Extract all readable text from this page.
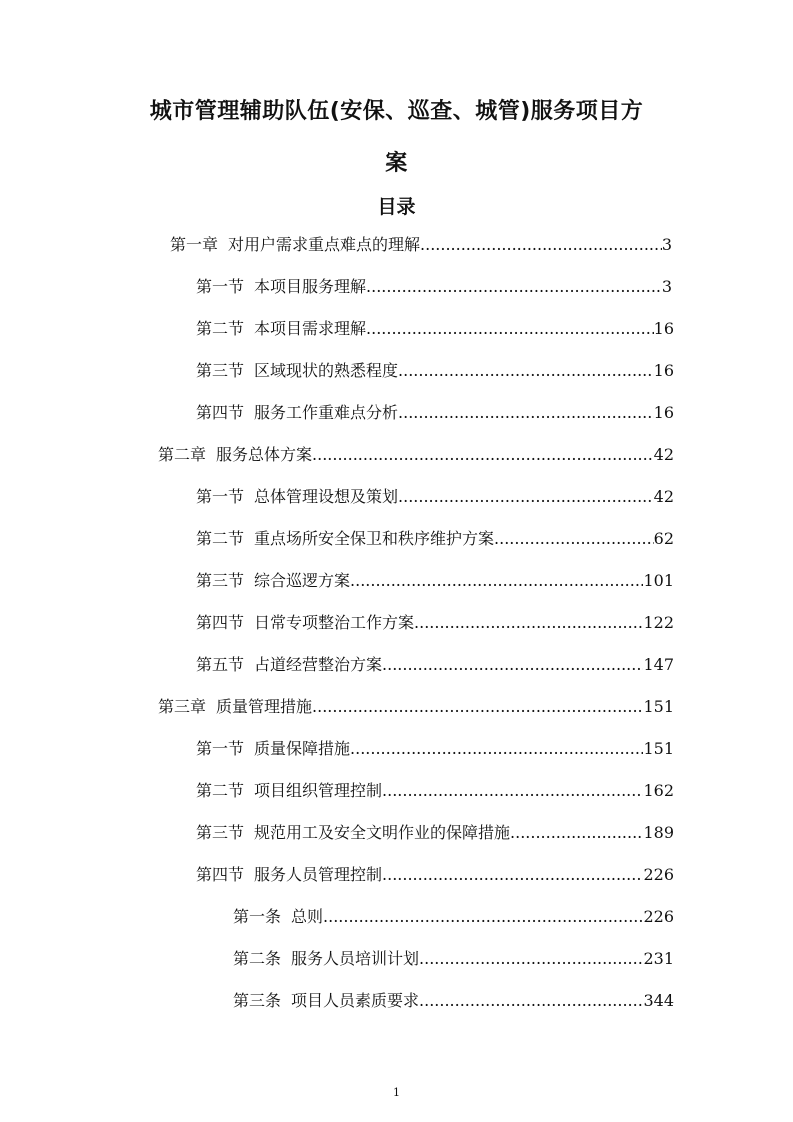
城市管理辅助队伍(安保、巡查、城管)服务项目方
案
目录
第一章 对用户需求重点难点的理解 .....	3
第一节 本项目服务理解 .....	3
第二节 本项目需求理解 .....	16
第三节 区域现状的熟悉程度 .....	16
第四节 服务工作重难点分析 .....	16
第二章 服务总体方案 .....	42
第一节 总体管理设想及策划 .....	42
第二节 重点场所安全保卫和秩序维护方案 .....	62
第三节 综合巡逻方案 .....	101
第四节 日常专项整治工作方案 .....	122
第五节 占道经营整治方案 .....	147
第三章 质量管理措施 .....	151
第一节 质量保障措施 .....	151
第二节 项目组织管理控制 .....	162
第三节 规范用工及安全文明作业的保障措施 .....	189
第四节 服务人员管理控制 .....	226
第一条 总则 .....	226
第二条 服务人员培训计划 .....	231
第三条 项目人员素质要求 .....	344
1
